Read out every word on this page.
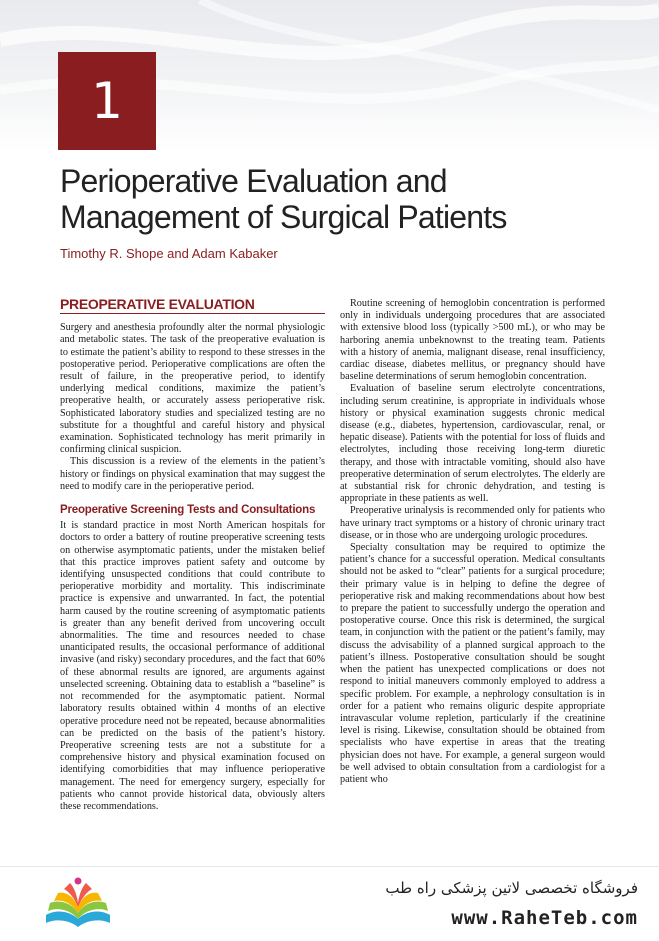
1
Perioperative Evaluation and
Management of Surgical Patients
Timothy R. Shope and Adam Kabaker
PREOPERATIVE EVALUATION

Surgery and anesthesia profoundly alter the normal physiologic and metabolic states. The task of the preoperative evaluation is to estimate the patient’s ability to respond to these stresses in the postoperative period. Perioperative complications are often the result of failure, in the preoperative period, to identify underlying medical conditions, maximize the patient’s preoperative health, or accurately assess perioperative risk. Sophisticated laboratory studies and specialized testing are no substitute for a thoughtful and careful history and physical examination. Sophisticated technology has merit primarily in confirming clinical suspicion.

This discussion is a review of the elements in the patient’s history or findings on physical examination that may suggest the need to modify care in the perioperative period.

Preoperative Screening Tests and Consultations

It is standard practice in most North American hospitals for doctors to order a battery of routine preoperative screening tests on otherwise asymptomatic patients, under the mistaken belief that this practice improves patient safety and outcome by identifying unsuspected conditions that could contribute to perioperative morbidity and mortality. This indiscriminate practice is expensive and unwarranted. In fact, the potential harm caused by the routine screening of asymptomatic patients is greater than any benefit derived from uncovering occult abnormalities. The time and resources needed to chase unanticipated results, the occasional performance of additional invasive (and risky) secondary procedures, and the fact that 60% of these abnormal results are ignored, are arguments against unselected screening. Obtaining data to establish a “baseline” is not recommended for the asymptomatic patient. Normal laboratory results obtained within 4 months of an elective operative procedure need not be repeated, because abnormalities can be predicted on the basis of the patient’s history. Preoperative screening tests are not a substitute for a comprehensive history and physical examination focused on identifying comorbidities that may influence perioperative management. The need for emergency surgery, especially for patients who cannot provide historical data, obviously alters these recommendations.

Routine screening of hemoglobin concentration is performed only in individuals undergoing procedures that are associated with extensive blood loss (typically >500 mL), or who may be harboring anemia unbeknownst to the treating team. Patients with a history of anemia, malignant disease, renal insufficiency, cardiac disease, diabetes mellitus, or pregnancy should have baseline determinations of serum hemoglobin concentration.

Evaluation of baseline serum electrolyte concentrations, including serum creatinine, is appropriate in individuals whose history or physical examination suggests chronic medical disease (e.g., diabetes, hypertension, cardiovascular, renal, or hepatic disease). Patients with the potential for loss of fluids and electrolytes, including those receiving long-term diuretic therapy, and those with intractable vomiting, should also have preoperative determination of serum electrolytes. The elderly are at substantial risk for chronic dehydration, and testing is appropriate in these patients as well.

Preoperative urinalysis is recommended only for patients who have urinary tract symptoms or a history of chronic urinary tract disease, or in those who are undergoing urologic procedures.

Specialty consultation may be required to optimize the patient’s chance for a successful operation. Medical consultants should not be asked to “clear” patients for a surgical procedure; their primary value is in helping to define the degree of perioperative risk and making recommendations about how best to prepare the patient to successfully undergo the operation and postoperative course. Once this risk is determined, the surgical team, in conjunction with the patient or the patient’s family, may discuss the advisability of a planned surgical approach to the patient’s illness. Postoperative consultation should be sought when the patient has unexpected complications or does not respond to initial maneuvers commonly employed to address a specific problem. For example, a nephrology consultation is in order for a patient who remains oliguric despite appropriate intravascular volume repletion, particularly if the creatinine level is rising. Likewise, consultation should be obtained from specialists who have expertise in areas that the treating physician does not have. For example, a general surgeon would be well advised to obtain consultation from a cardiologist for a patient who

فروشگاه تخصصی لاتین پزشکی راه طب
www.RaheTeb.com
